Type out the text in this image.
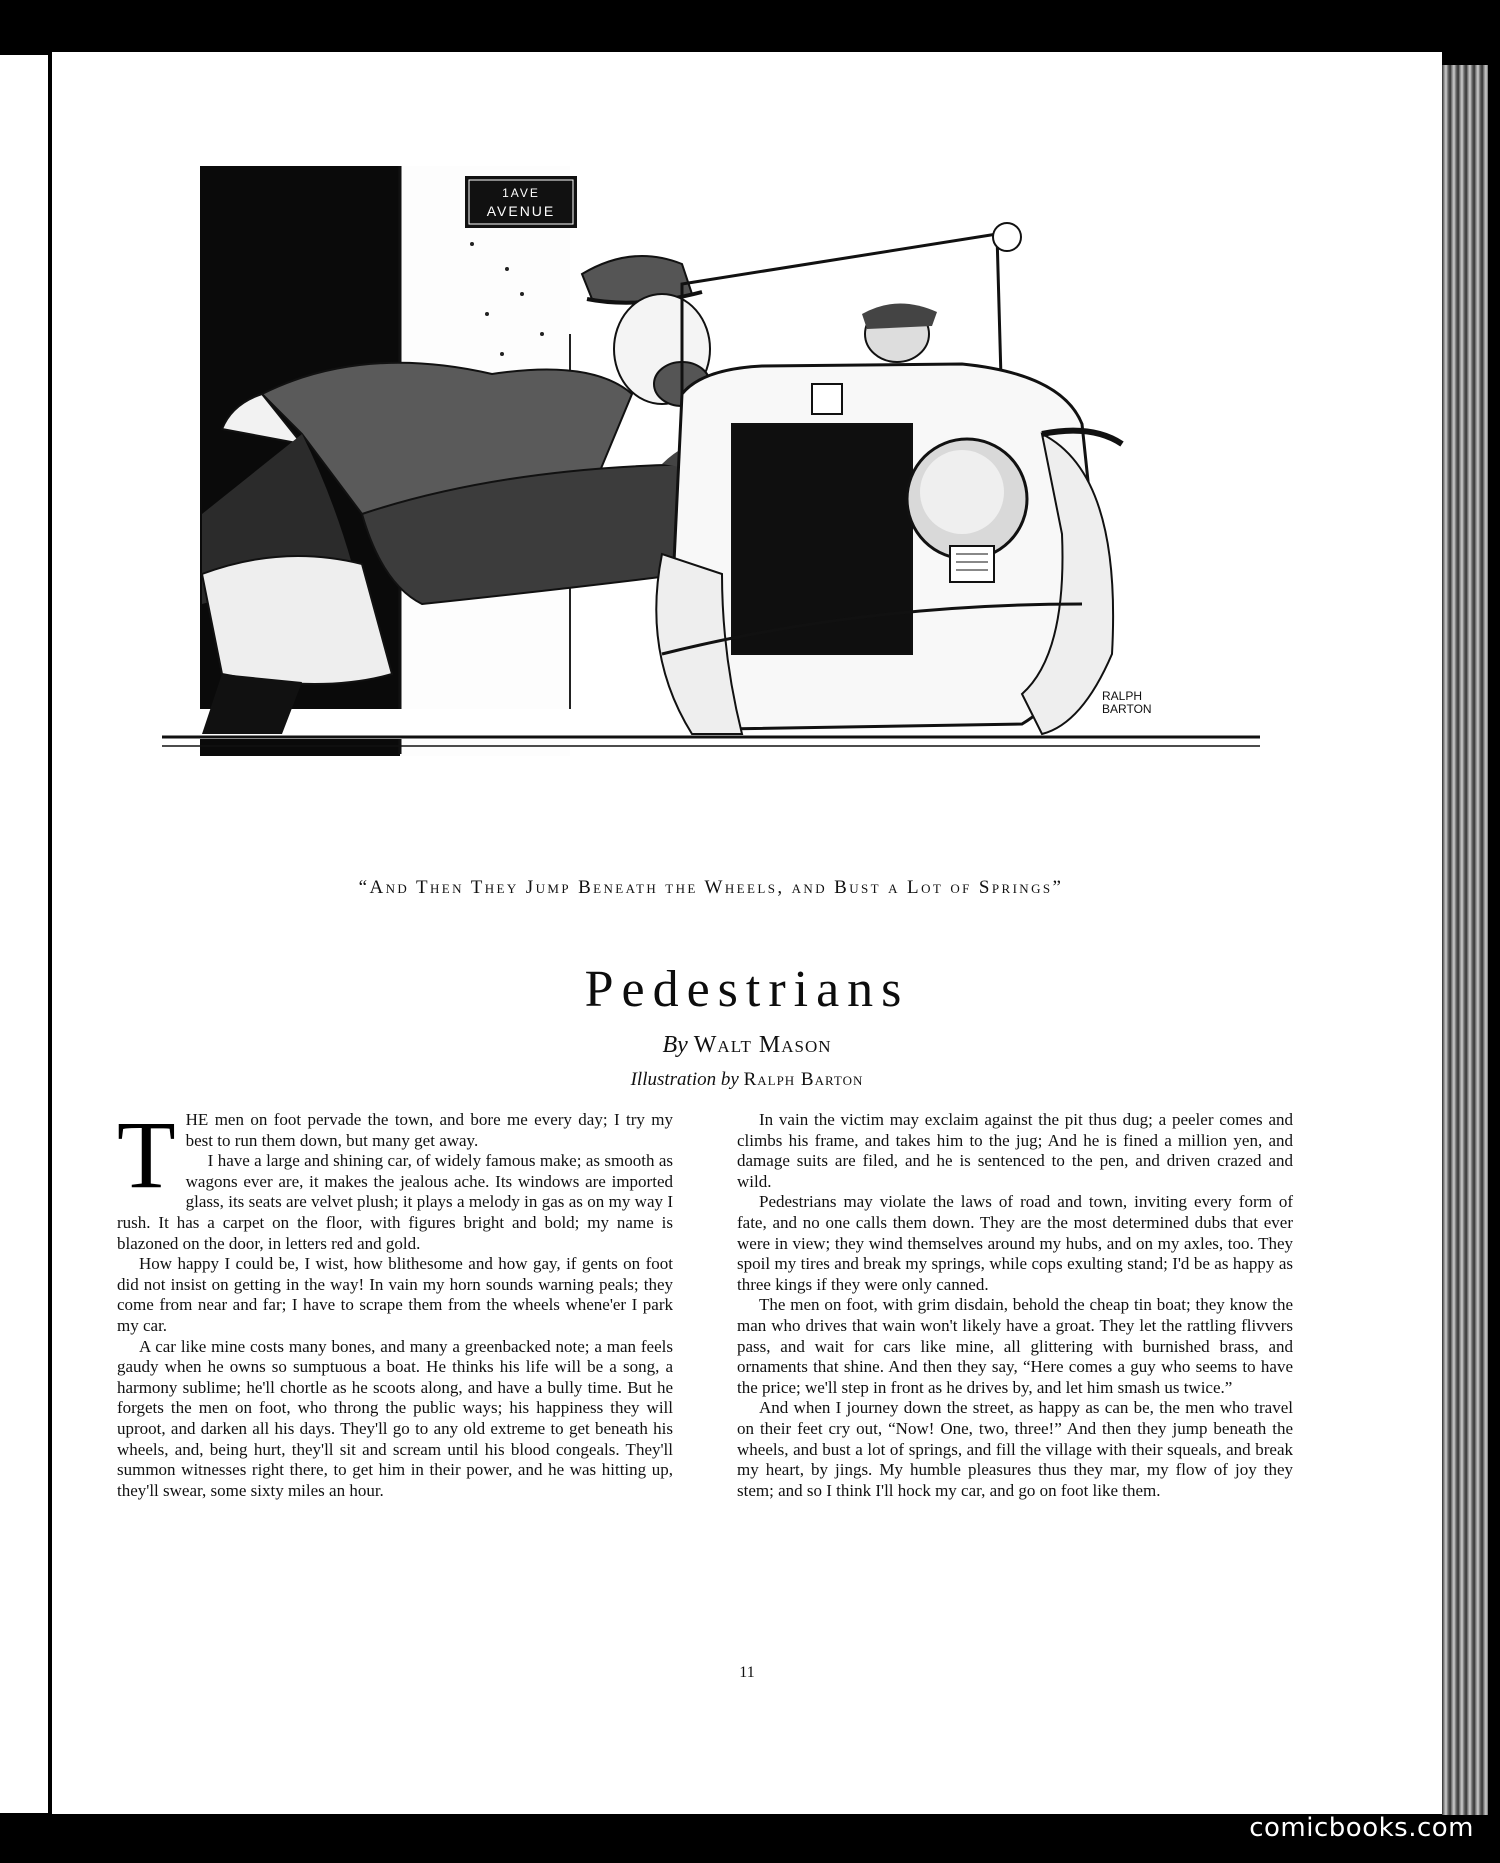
1AVE
AVENUE
RALPH
BARTON
“And Then They Jump Beneath the Wheels, and Bust a Lot of Springs”
Pedestrians
By Walt Mason
Illustration by Ralph Barton

THE men on foot pervade the town, and bore me every day; I try my best to run them down, but many get away.

I have a large and shining car, of widely famous make; as smooth as wagons ever are, it makes the jealous ache. Its windows are imported glass, its seats are velvet plush; it plays a melody in gas as on my way I rush. It has a carpet on the floor, with figures bright and bold; my name is blazoned on the door, in letters red and gold.

How happy I could be, I wist, how blithesome and how gay, if gents on foot did not insist on getting in the way! In vain my horn sounds warning peals; they come from near and far; I have to scrape them from the wheels whene'er I park my car.

A car like mine costs many bones, and many a greenbacked note; a man feels gaudy when he owns so sumptuous a boat. He thinks his life will be a song, a harmony sublime; he'll chortle as he scoots along, and have a bully time. But he forgets the men on foot, who throng the public ways; his happiness they will uproot, and darken all his days. They'll go to any old extreme to get beneath his wheels, and, being hurt, they'll sit and scream until his blood congeals. They'll summon witnesses right there, to get him in their power, and he was hitting up, they'll swear, some sixty miles an hour.

In vain the victim may exclaim against the pit thus dug; a peeler comes and climbs his frame, and takes him to the jug; And he is fined a million yen, and damage suits are filed, and he is sentenced to the pen, and driven crazed and wild.

Pedestrians may violate the laws of road and town, inviting every form of fate, and no one calls them down. They are the most determined dubs that ever were in view; they wind themselves around my hubs, and on my axles, too. They spoil my tires and break my springs, while cops exulting stand; I'd be as happy as three kings if they were only canned.

The men on foot, with grim disdain, behold the cheap tin boat; they know the man who drives that wain won't likely have a groat. They let the rattling flivvers pass, and wait for cars like mine, all glittering with burnished brass, and ornaments that shine. And then they say, “Here comes a guy who seems to have the price; we'll step in front as he drives by, and let him smash us twice.”

And when I journey down the street, as happy as can be, the men who travel on their feet cry out, “Now! One, two, three!” And then they jump beneath the wheels, and bust a lot of springs, and fill the village with their squeals, and break my heart, by jings. My humble pleasures thus they mar, my flow of joy they stem; and so I think I'll hock my car, and go on foot like them.

11
comicbooks.com
